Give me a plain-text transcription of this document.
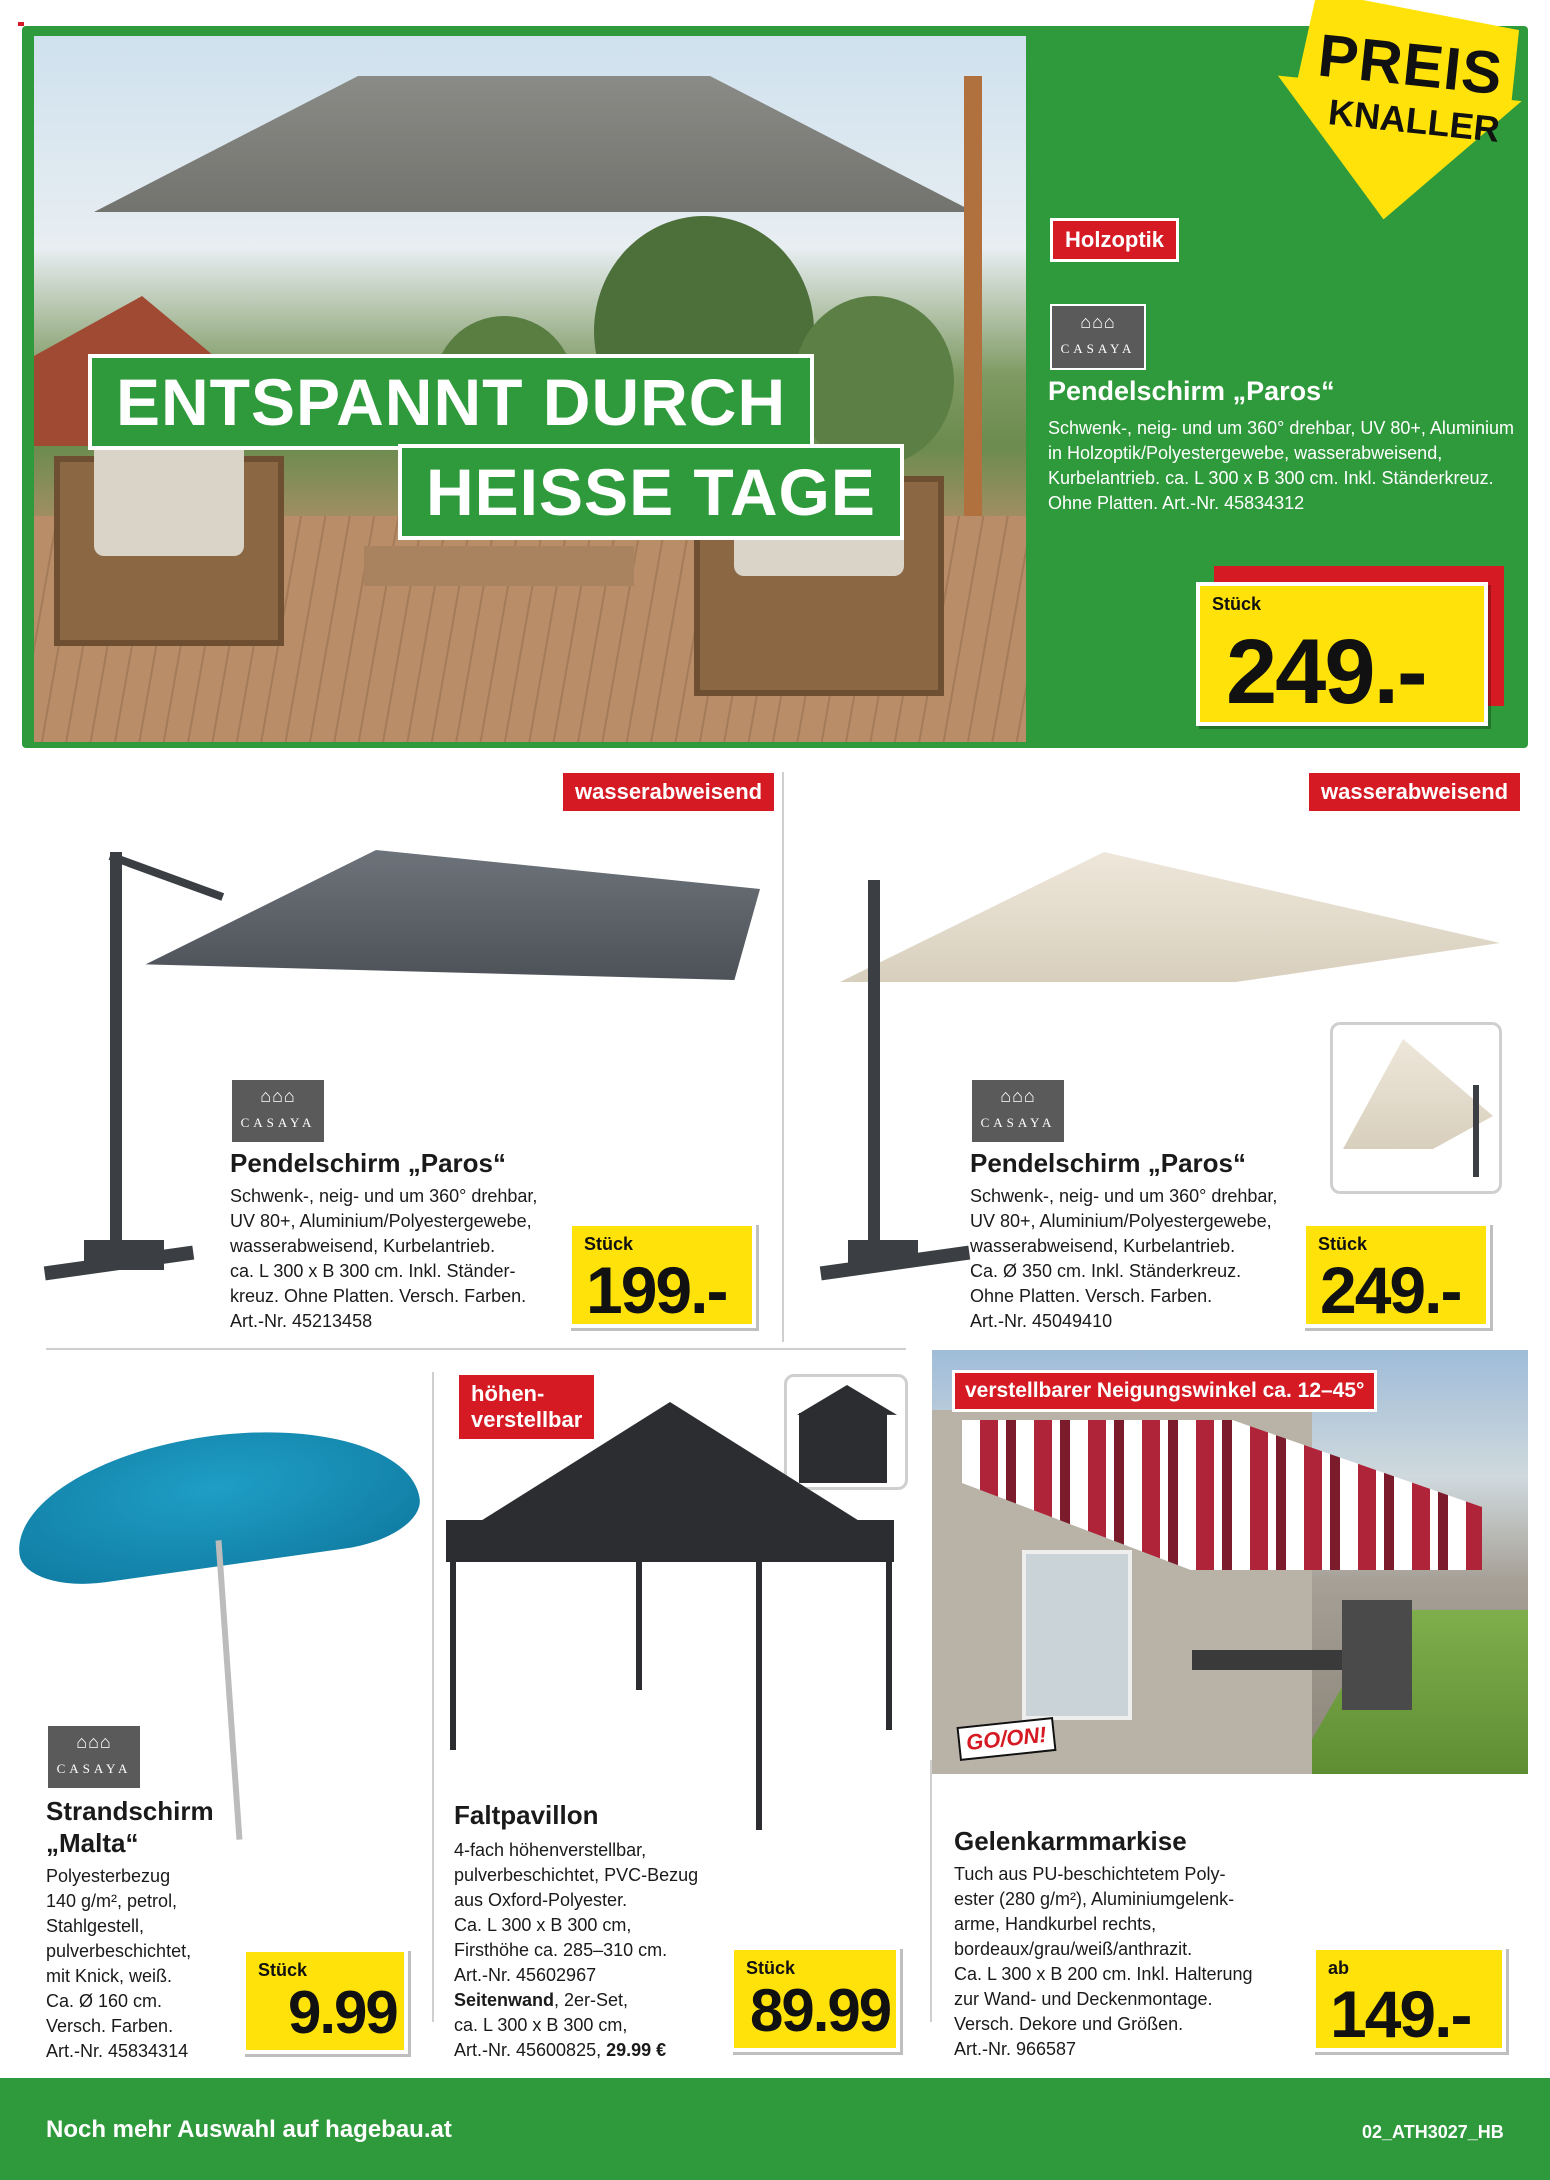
ENTSPANNT DURCH
HEISSE TAGE
PREIS
KNALLER
Holzoptik
⌂⌂⌂
CASAYA
Pendelschirm „Paros“
Schwenk-, neig- und um 360° drehbar, UV 80+, Aluminium in Holzoptik/Polyestergewebe, wasserabweisend, Kurbelantrieb. ca. L 300 x B 300 cm. Inkl. Ständerkreuz. Ohne Platten. Art.-Nr. 45834312
Stück
249.-
wasserabweisend
⌂⌂⌂
CASAYA
Pendelschirm „Paros“
Schwenk-, neig- und um 360° drehbar,
UV 80+, Aluminium/Polyestergewebe,
wasserabweisend, Kurbelantrieb.
ca. L 300 x B 300 cm. Inkl. Ständer-
kreuz. Ohne Platten. Versch. Farben.
Art.-Nr. 45213458
Stück
199.-
wasserabweisend
⌂⌂⌂
CASAYA
Pendelschirm „Paros“
Schwenk-, neig- und um 360° drehbar,
UV 80+, Aluminium/Polyestergewebe,
wasserabweisend, Kurbelantrieb.
Ca. Ø 350 cm. Inkl. Ständerkreuz.
Ohne Platten. Versch. Farben.
Art.-Nr. 45049410
Stück
249.-
⌂⌂⌂
CASAYA
Strandschirm
„Malta“
Polyesterbezug
140 g/m², petrol,
Stahlgestell,
pulverbeschichtet,
mit Knick, weiß.
Ca. Ø 160 cm.
Versch. Farben.
Art.-Nr. 45834314
Stück
9.99
höhen-
verstellbar
Faltpavillon
4-fach höhenverstellbar,
pulverbeschichtet, PVC-Bezug
aus Oxford-Polyester.
Ca. L 300 x B 300 cm,
Firsthöhe ca. 285–310 cm.
Art.-Nr. 45602967
Seitenwand, 2er-Set,
ca. L 300 x B 300 cm,
Art.-Nr. 45600825, 29.99 €
Stück
89.99
verstellbarer Neigungswinkel ca. 12–45°
GO/ON!
Gelenkarmmarkise
Tuch aus PU-beschichtetem Poly-
ester (280 g/m²), Aluminiumgelenk-
arme, Handkurbel rechts,
bordeaux/grau/weiß/anthrazit.
Ca. L 300 x B 200 cm. Inkl. Halterung
zur Wand- und Deckenmontage.
Versch. Dekore und Größen.
Art.-Nr. 966587
ab
149.-
Noch mehr Auswahl auf hagebau.at	02_ATH3027_HB
